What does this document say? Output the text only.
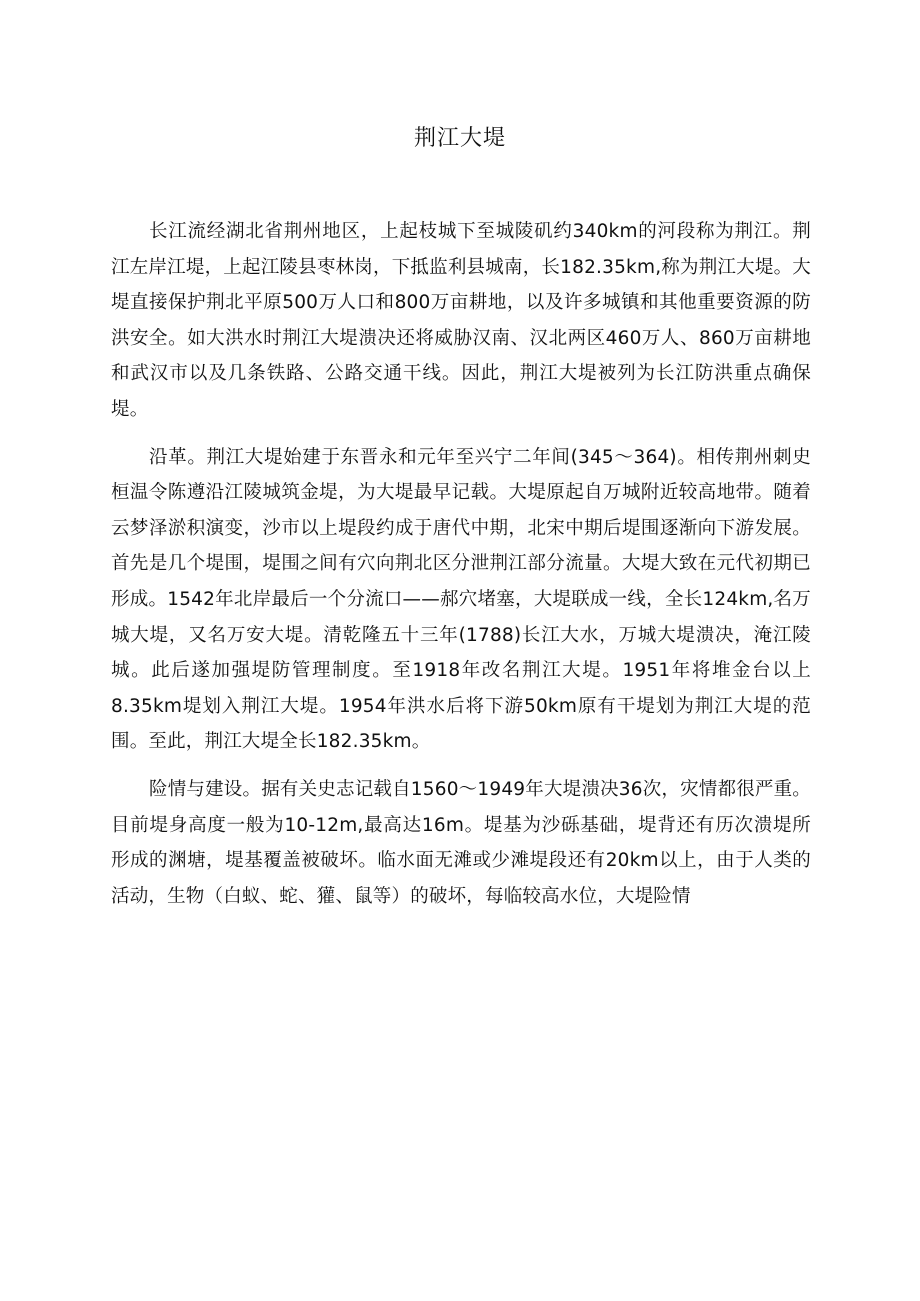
荆江大堤

长江流经湖北省荆州地区，上起枝城下至城陵矶约340km的河段称为荆江。荆江左岸江堤，上起江陵县枣林岗，下抵监利县城南，长182.35km,称为荆江大堤。大堤直接保护荆北平原500万人口和800万亩耕地，以及许多城镇和其他重要资源的防洪安全。如大洪水时荆江大堤溃决还将威胁汉南、汉北两区460万人、860万亩耕地和武汉市以及几条铁路、公路交通干线。因此，荆江大堤被列为长江防洪重点确保堤。

沿革。荆江大堤始建于东晋永和元年至兴宁二年间(345～364)。相传荆州刺史桓温令陈遵沿江陵城筑金堤，为大堤最早记载。大堤原起自万城附近较高地带。随着云梦泽淤积演变，沙市以上堤段约成于唐代中期，北宋中期后堤围逐渐向下游发展。首先是几个堤围，堤围之间有穴向荆北区分泄荆江部分流量。大堤大致在元代初期已形成。1542年北岸最后一个分流口——郝穴堵塞，大堤联成一线，全长124km,名万城大堤，又名万安大堤。清乾隆五十三年(1788)长江大水，万城大堤溃决，淹江陵城。此后遂加强堤防管理制度。至1918年改名荆江大堤。1951年将堆金台以上8.35km堤划入荆江大堤。1954年洪水后将下游50km原有干堤划为荆江大堤的范围。至此，荆江大堤全长182.35km。

险情与建设。据有关史志记载自1560～1949年大堤溃决36次，灾情都很严重。目前堤身高度一般为10-12m,最高达16m。堤基为沙砾基础，堤背还有历次溃堤所形成的渊塘，堤基覆盖被破坏。临水面无滩或少滩堤段还有20km以上，由于人类的活动，生物（白蚁、蛇、獾、鼠等）的破坏，每临较高水位，大堤险情
